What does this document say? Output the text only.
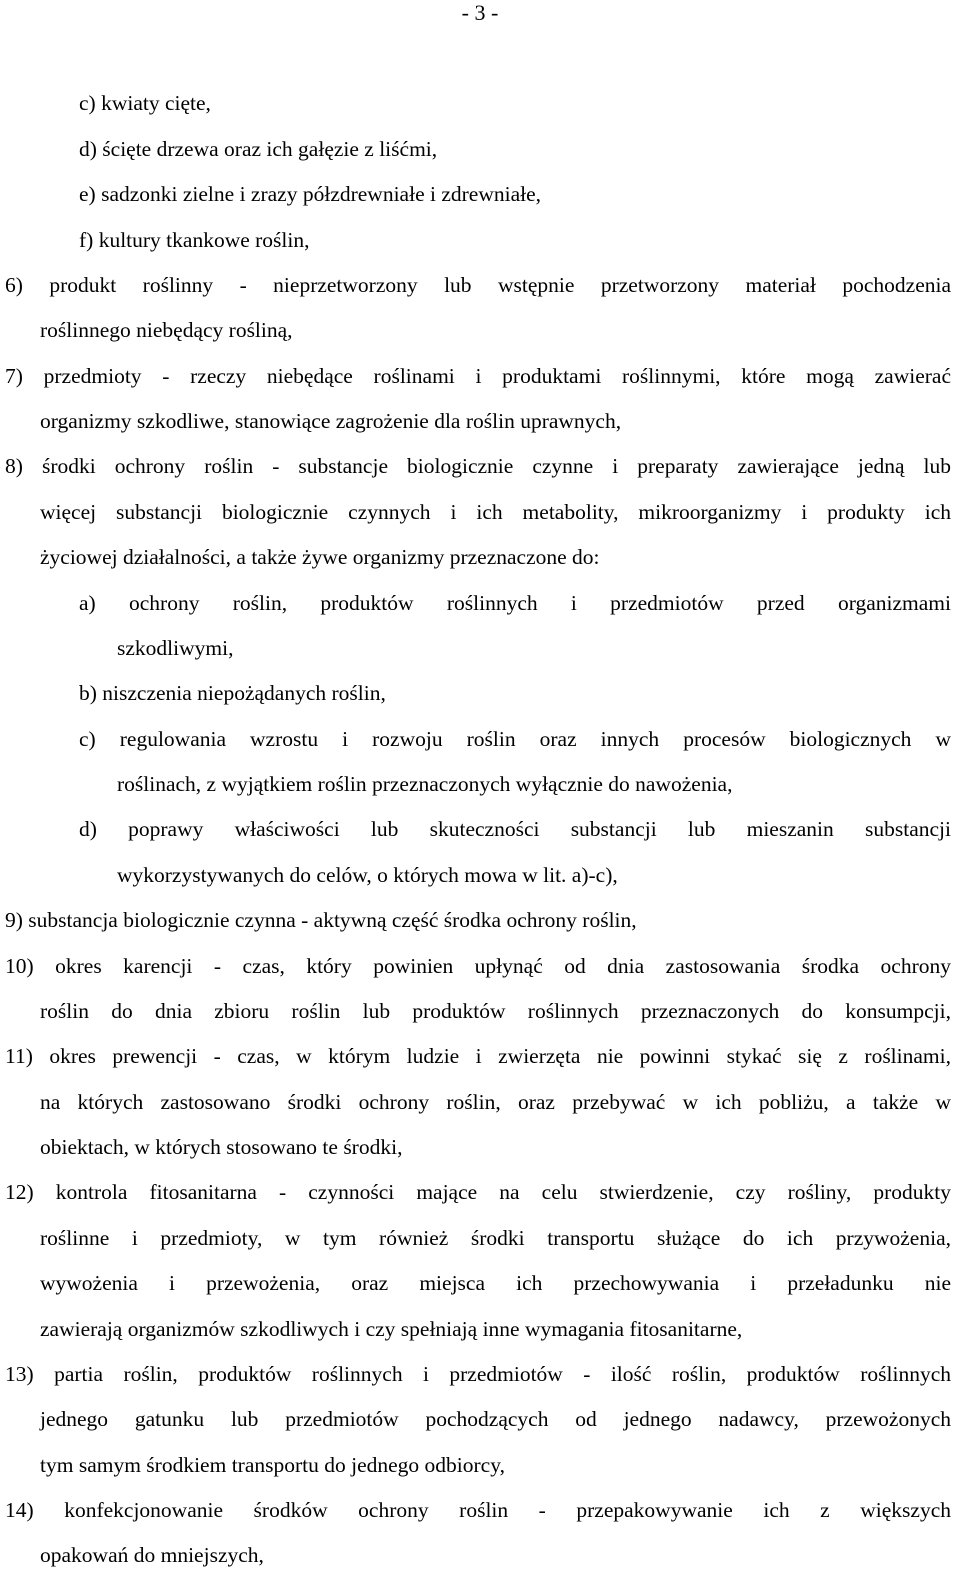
- 3 -
c) kwiaty cięte,
d) ścięte drzewa oraz ich gałęzie z liśćmi,
e) sadzonki zielne i zrazy półzdrewniałe i zdrewniałe,
f) kultury tkankowe roślin,
6) produkt roślinny - nieprzetworzony lub wstępnie przetworzony materiał pochodzenia
roślinnego niebędący rośliną,
7) przedmioty - rzeczy niebędące roślinami i produktami roślinnymi, które mogą zawierać
organizmy szkodliwe, stanowiące zagrożenie dla roślin uprawnych,
8) środki ochrony roślin - substancje biologicznie czynne i preparaty zawierające jedną lub
więcej substancji biologicznie czynnych i ich metabolity, mikroorganizmy i produkty ich
życiowej działalności, a także żywe organizmy przeznaczone do:
a) ochrony roślin, produktów roślinnych i przedmiotów przed organizmami
szkodliwymi,
b) niszczenia niepożądanych roślin,
c) regulowania wzrostu i rozwoju roślin oraz innych procesów biologicznych w
roślinach, z wyjątkiem roślin przeznaczonych wyłącznie do nawożenia,
d) poprawy właściwości lub skuteczności substancji lub mieszanin substancji
wykorzystywanych do celów, o których mowa w lit. a)-c),
9) substancja biologicznie czynna - aktywną część środka ochrony roślin,
10) okres karencji - czas, który powinien upłynąć od dnia zastosowania środka ochrony
roślin do dnia zbioru roślin lub produktów roślinnych przeznaczonych do konsumpcji,
11) okres prewencji - czas, w którym ludzie i zwierzęta nie powinni stykać się z roślinami,
na których zastosowano środki ochrony roślin, oraz przebywać w ich pobliżu, a także w
obiektach, w których stosowano te środki,
12) kontrola fitosanitarna - czynności mające na celu stwierdzenie, czy rośliny, produkty
roślinne i przedmioty, w tym również środki transportu służące do ich przywożenia,
wywożenia i przewożenia, oraz miejsca ich przechowywania i przeładunku nie
zawierają organizmów szkodliwych i czy spełniają inne wymagania fitosanitarne,
13) partia roślin, produktów roślinnych i przedmiotów - ilość roślin, produktów roślinnych
jednego gatunku lub przedmiotów pochodzących od jednego nadawcy, przewożonych
tym samym środkiem transportu do jednego odbiorcy,
14) konfekcjonowanie środków ochrony roślin - przepakowywanie ich z większych
opakowań do mniejszych,
